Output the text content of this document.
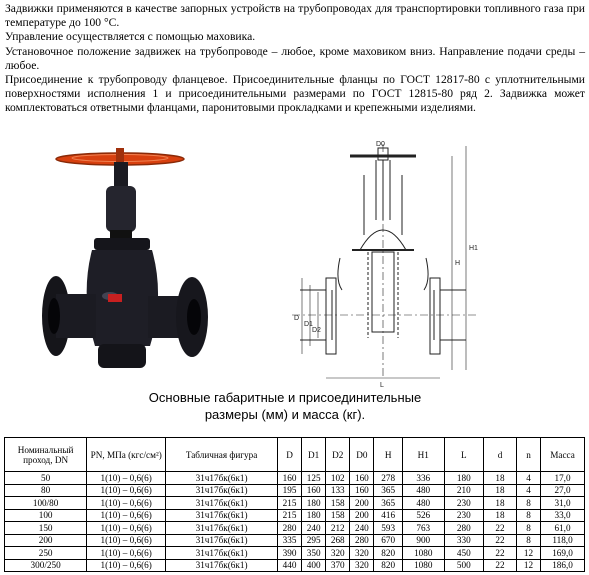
Задвижки применяются в качестве запорных устройств на трубопроводах для транспортировки топливного газа при температуре до 100 °С.

Управление осуществляется с помощью маховика.

Установочное положение задвижек на трубопроводе – любое, кроме маховиком вниз. Направление подачи среды – любое.

Присоединение к трубопроводу фланцевое. Присоединительные фланцы по ГОСТ 12817-80 с уплотнительными поверхностями исполнения 1 и присоединительными размерами по ГОСТ 12815-80 ряд 2. Задвижка может комплектоваться ответными фланцами, паронитовыми прокладками и крепежными изделиями.

H
H1
D
D1
D2
L
D0
Основные габаритные и присоединительные
размеры (мм) и масса (кг).
Номинальный проход, DN	PN, МПа (кгс/см²)	Табличная фигура	D	D1	D2	D0	H	H1	L	d	n	Масса
50	1(10) – 0,6(6)	31ч17бк(6к1)	160	125	102	160	278	336	180	18	4	17,0
80	1(10) – 0,6(6)	31ч17бк(6к1)	195	160	133	160	365	480	210	18	4	27,0
100/80	1(10) – 0,6(6)	31ч17бк(6к1)	215	180	158	200	365	480	230	18	8	31,0
100	1(10) – 0,6(6)	31ч17бк(6к1)	215	180	158	200	416	526	230	18	8	33,0
150	1(10) – 0,6(6)	31ч17бк(6к1)	280	240	212	240	593	763	280	22	8	61,0
200	1(10) – 0,6(6)	31ч17бк(6к1)	335	295	268	280	670	900	330	22	8	118,0
250	1(10) – 0,6(6)	31ч17бк(6к1)	390	350	320	320	820	1080	450	22	12	169,0
300/250	1(10) – 0,6(6)	31ч17бк(6к1)	440	400	370	320	820	1080	500	22	12	186,0
